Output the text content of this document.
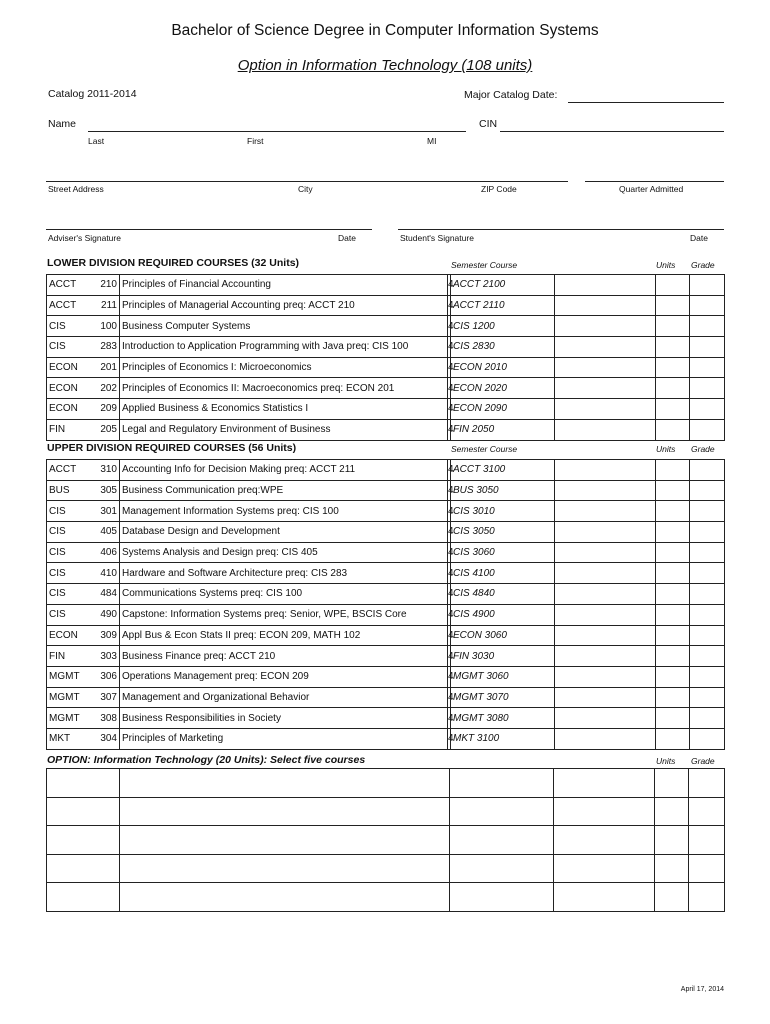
Bachelor of Science Degree in Computer Information Systems
Option in Information Technology (108 units)
Catalog 2011-2014	Major Catalog Date:
Name	CIN
Last	First	MI
Street Address	City	ZIP Code	Quarter Admitted
Adviser's Signature	Date	Student's Signature	Date
LOWER DIVISION REQUIRED COURSES (32 Units)	Semester Course	Units Grade
ACCT	210	Principles of Financial Accounting	4	ACCT 2100			
ACCT	211	Principles of Managerial Accounting preq: ACCT 210	4	ACCT 2110			
CIS	100	Business Computer Systems	4	CIS 1200			
CIS	283	Introduction to Application Programming with Java preq: CIS 100	4	CIS 2830			
ECON	201	Principles of Economics I: Microeconomics	4	ECON 2010			
ECON	202	Principles of Economics II: Macroeconomics preq: ECON 201	4	ECON 2020			
ECON	209	Applied Business & Economics Statistics I	4	ECON 2090			
FIN	205	Legal and Regulatory Environment of Business	4	FIN 2050			
UPPER DIVISION REQUIRED COURSES (56 Units)	Semester Course	Units Grade
ACCT	310	Accounting Info for Decision Making preq: ACCT 211	4	ACCT 3100			
BUS	305	Business Communication preq:WPE	4	BUS 3050			
CIS	301	Management Information Systems preq: CIS 100	4	CIS 3010			
CIS	405	Database Design and Development	4	CIS 3050			
CIS	406	Systems Analysis and Design preq: CIS 405	4	CIS 3060			
CIS	410	Hardware and Software Architecture preq: CIS 283	4	CIS 4100			
CIS	484	Communications Systems preq: CIS 100	4	CIS 4840			
CIS	490	Capstone: Information Systems preq: Senior, WPE, BSCIS Core	4	CIS 4900			
ECON	309	Appl Bus & Econ Stats II preq: ECON 209, MATH 102	4	ECON 3060			
FIN	303	Business Finance preq: ACCT 210	4	FIN 3030			
MGMT	306	Operations Management preq: ECON 209	4	MGMT 3060			
MGMT	307	Management and Organizational Behavior	4	MGMT 3070			
MGMT	308	Business Responsibilities in Society	4	MGMT 3080			
MKT	304	Principles of Marketing	4	MKT 3100			
OPTION: Information Technology (20 Units): Select five courses	Units Grade

April 17, 2014
